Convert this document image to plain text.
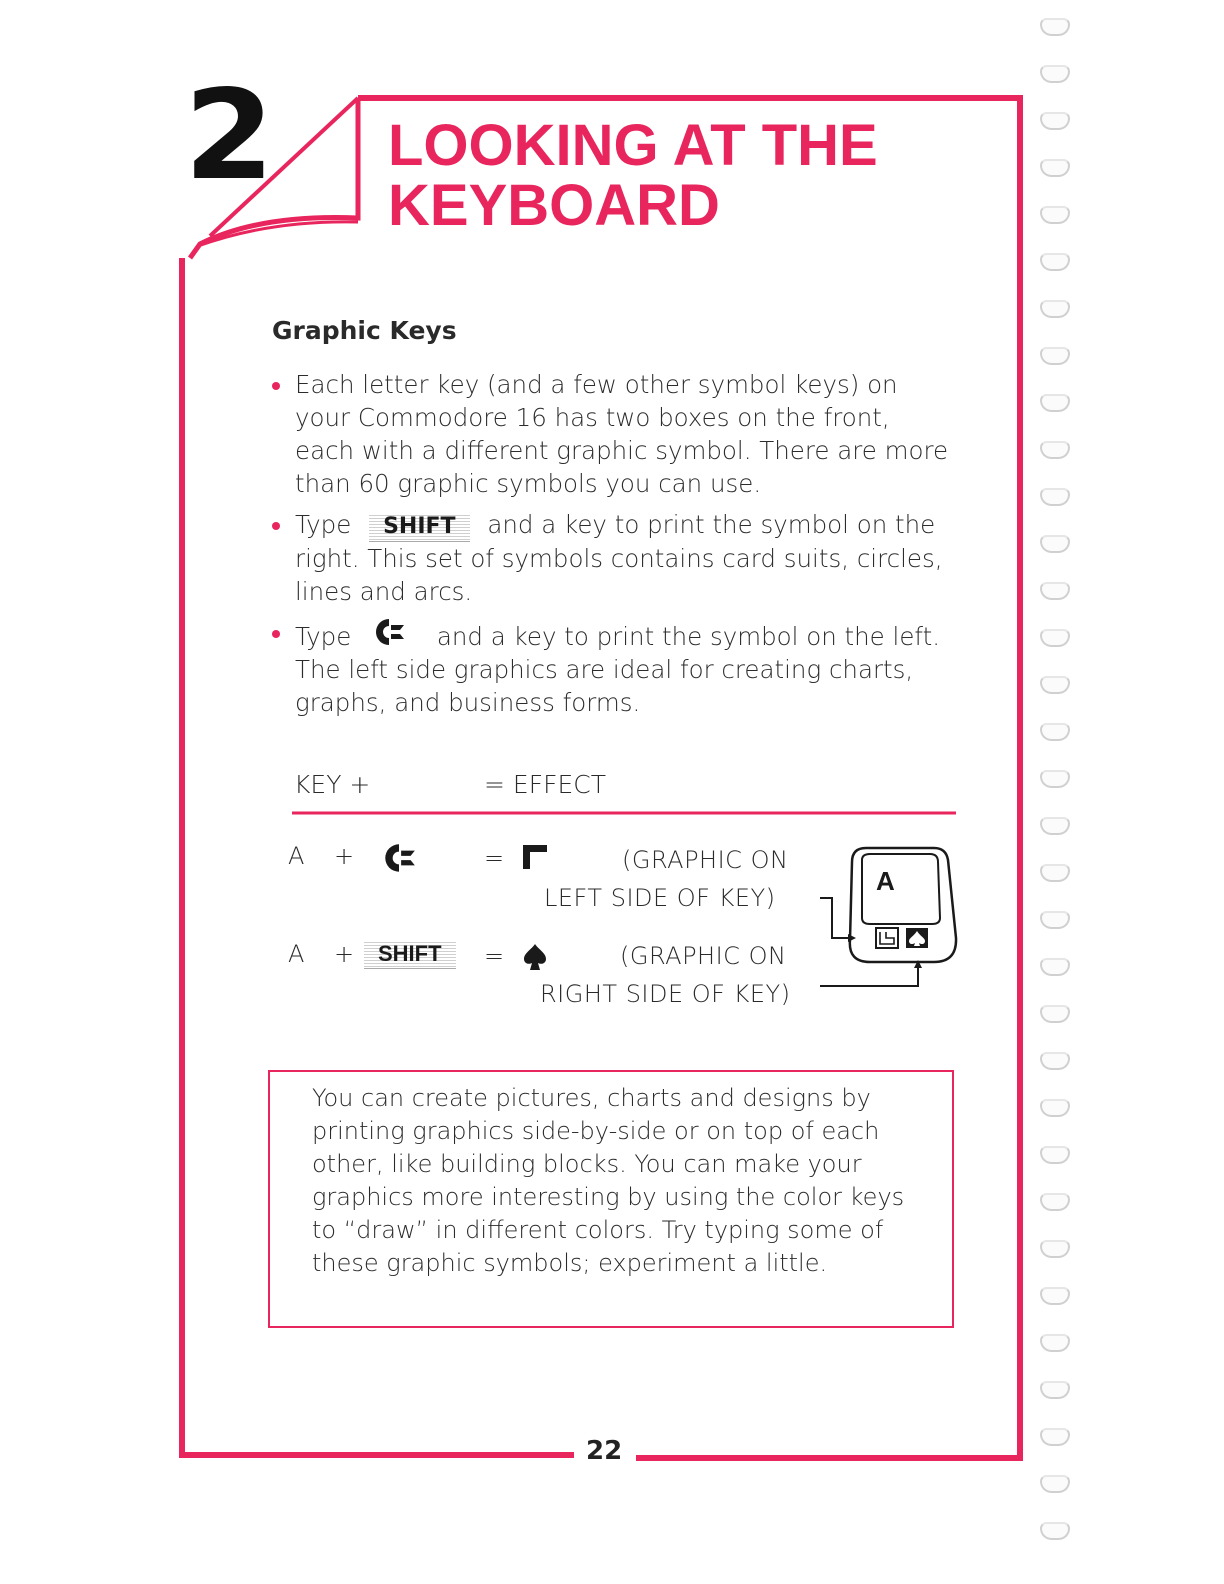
2 LOOKING AT THE
KEYBOARD
Graphic Keys
Each letter key (and a few other symbol keys) on your Commodore 16 has two boxes on the front, each with a different graphic symbol. There are more than 60 graphic symbols you can use.
Type SHIFT and a key to print the symbol on the right. This set of symbols contains card suits, circles, lines and arcs.
Type	and a key to print the symbol on the left. The left side graphics are ideal for creating charts, graphs, and business forms.
KEY +	= EFFECT
A +	=	(GRAPHIC ON
LEFT SIDE OF KEY)
A +	SHIFT	=	(GRAPHIC ON
RIGHT SIDE OF KEY)
A
You can create pictures, charts and designs by printing graphics side-by-side or on top of each other, like building blocks. You can make your graphics more interesting by using the color keys to “draw” in different colors. Try typing some of these graphic symbols; experiment a little.
22
